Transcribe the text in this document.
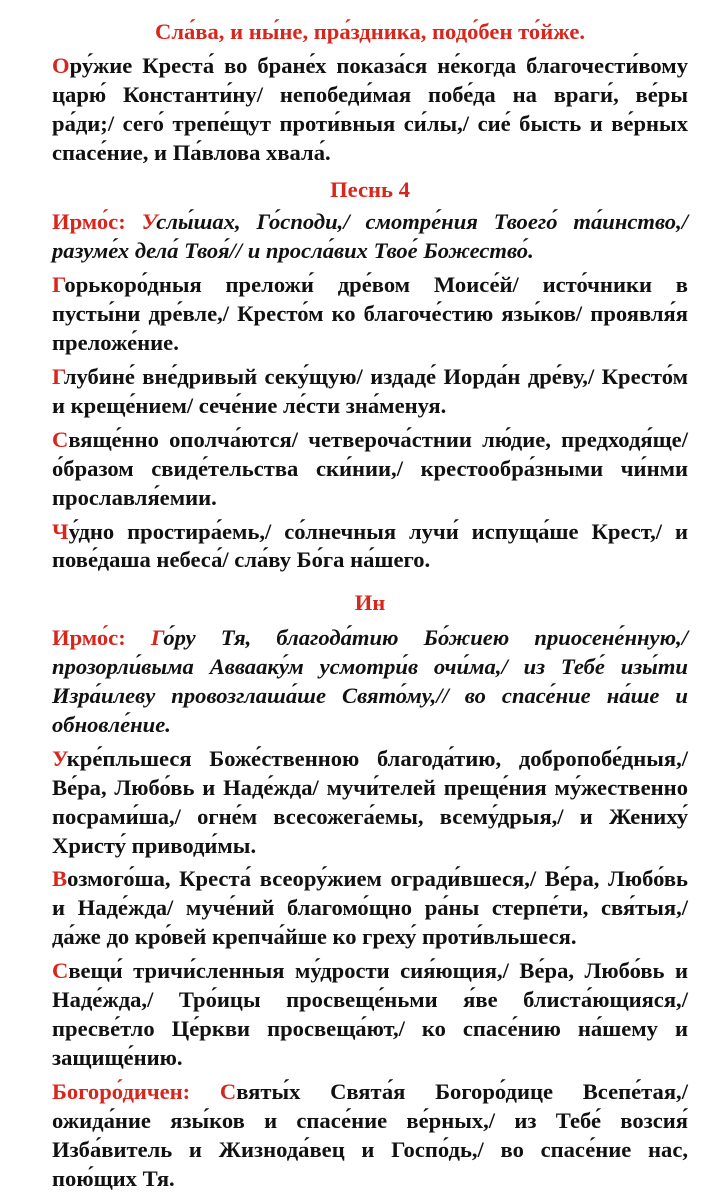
Сла́ва, и ны́не, пра́здника, подо́бен то́йже.

Ору́жие Креста́ во бране́х показа́ся не́когда благочести́вому царю́ Константи́ну/ непобеди́мая побе́да на враги́, ве́ры ра́ди;/ сего́ трепе́щут проти́вныя си́лы,/ сие́ бысть и ве́рных спасе́ние, и Па́влова хвала́.

Песнь 4

Ирмо́с: Услы́шах, Го́споди,/ смотре́ния Твоего́ та́инство,/ разуме́х дела́ Твоя́// и просла́вих Твое́ Божество́.

Горькоро́дныя преложи́ дре́вом Моисе́й/ исто́чники в пусты́ни дре́вле,/ Кресто́м ко благоче́стию язы́ков/ проявля́я преложе́ние.

Глубине́ вне́дривый секу́щую/ издаде́ Иорда́н дре́ву,/ Кресто́м и креще́нием/ сече́ние ле́сти зна́менуя.

Свяще́нно ополча́ются/ четвероча́стнии лю́дие, предходя́ще/ о́бразом свиде́тельства ски́нии,/ крестообра́зными чи́нми прославля́емии.

Чу́дно простира́емь,/ со́лнечныя лучи́ испуща́ше Крест,/ и пове́даша небеса́/ сла́ву Бо́га на́шего.

Ин

Ирмо́с: Го́ру Тя, благода́тию Бо́жиею приосене́нную,/ прозорли́выма Аввааку́м усмотри́в очи́ма,/ из Тебе́ изы́ти Изра́илеву провозглаша́ше Свято́му,// во спасе́ние на́ше и обновле́ние.

Укре́пльшеся Боже́ственною благода́тию, добропобе́дныя,/ Ве́ра, Любо́вь и Наде́жда/ мучи́телей преще́ния му́жественно посрами́ша,/ огне́м всесожега́емы, всему́дрыя,/ и Жениху́ Христу́ приводи́мы.

Возмого́ша, Креста́ всеору́жием огради́вшеся,/ Ве́ра, Любо́вь и Наде́жда/ муче́ний благомо́щно ра́ны стерпе́ти, свя́тыя,/ да́же до кро́вей крепча́йше ко греху́ проти́вльшеся.

Свещи́ тричи́сленныя му́дрости сия́ющия,/ Ве́ра, Любо́вь и Наде́жда,/ Тро́ицы просвеще́ньми я́ве блиста́ющияся,/ пресве́тло Це́ркви просвеща́ют,/ ко спасе́нию на́шему и защище́нию.

Богоро́дичен: Святы́х Свята́я Богоро́дице Всепе́тая,/ ожида́ние язы́ков и спасе́ние ве́рных,/ из Тебе́ возсия́ Изба́витель и Жизнода́вец и Госпо́дь,/ во спасе́ние нас, пою́щих Тя.
